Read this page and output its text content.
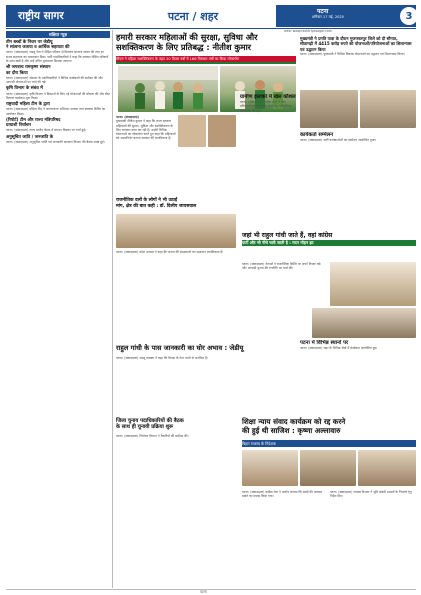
राष्ट्रीय सागर	पटना / शहर	पटना
शनिवार 17 मई, 2025	3
web: www.rashtriyasagar.com
संक्षिप्त न्यूज़

तीन बच्चों के निधन पर जेडीयू

ने सांत्वना जताया व आर्थिक सहायता की

पटना। (संवाददाता) जदयू नेता ने पीड़ित परिवार से मिलकर सांत्वना व्यक्त की तथा हर संभव सहायता का आश्वासन दिया। पार्टी पदाधिकारियों ने कहा कि सरकार पीड़ित परिवारों के साथ खड़ी है और उन्हें उचित मुआवजा दिलाया जाएगा।

श्री जगन्नाथ रामकृष्ण संस्थान

का दौरा किया

पटना। (संवाददाता) संस्थान के पदाधिकारियों ने विभिन्न कार्यक्रमों की समीक्षा की और आगामी योजनाओं पर चर्चा की गई।

कृषि विभाग के संबंध में

पटना। (संवाददाता) कृषि विभाग ने किसानों के लिए नई योजनाओं की घोषणा की और बीज वितरण कार्यक्रम शुरू किया।

राष्ट्रवादी महिला टीम के द्वारा

पटना। (संवाददाता) महिला टीम ने जागरूकता अभियान चलाया तथा स्वास्थ्य शिविर का आयोजन किया।

(रिपोर्ट) टीम और राज्य मंत्रिपरिषद

प्रत्याशी निर्वाचन

पटना। (संवाददाता) राज्य स्तरीय बैठक में संगठन विस्तार पर चर्चा हुई।

अनुसूचित जाति / जनजाति के

पटना। (संवाददाता) अनुसूचित जाति एवं जनजाति कल्याण विभाग की बैठक संपन्न हुई।

हमारी सरकार महिलाओं की सुरक्षा, सुविधा और

सशक्तिकरण के लिए प्रतिबद्ध : नीतीश कुमार

सीएम ने महिला सशक्तिकरण के तहत 20 दिवस वर्षों में 166 विरासत वर्षों का किया लोकार्पण

मुख्यमंत्री ने प्रगति यात्रा के दौरान मुजफ्फरपुर जिले को दी सौगात,

सीतामढ़ी में 4415 करोड़ रुपये की योजनाओं/परियोजनाओं का शिलान्यास एवं उद्घाटन किया

पटना। (संवाददाता) मुख्यमंत्री ने विभिन्न विकास योजनाओं का उद्घाटन एवं शिलान्यास किया।

पटना। (संवाददाता)

मुख्यमंत्री नीतीश कुमार ने कहा कि राज्य सरकार महिलाओं की सुरक्षा, सुविधा और सशक्तिकरण के लिए लगातार काम कर रही है। उन्होंने विभिन्न योजनाओं का लोकार्पण करते हुए कहा कि महिलाओं को आत्मनिर्भर बनाना सरकार की प्राथमिकता है।

ग्रामीण इलाकों में खेल कौशल

पटना। (संवाददाता) ग्रामीण क्षेत्रों में खेल प्रतिभाओं को प्रोत्साहित करने हेतु प्रतियोगिता आयोजित की गई।

कार्यकर्ता सम्मेलन

पटना। (संवाददाता) पार्टी कार्यकर्ताओं का सम्मेलन आयोजित हुआ।

राजनीतिक दलों के लोगों ने भी उठाई

मांग, क्षेत्र की बात कही : डॉ. दिलीप जायसवाल

पटना। (संवाददाता) प्रदेश अध्यक्ष ने कहा कि जनता की समस्याओं का समाधान प्राथमिकता है।

जहां भी राहुल गांधी जाते हैं, वहां कांग्रेस

पार्टी और भी नीचे चली जाती है : मदन मोहन झा

पटना। (संवाददाता) नेताओं ने राजनीतिक स्थिति पर अपने विचार रखे और आगामी चुनाव की रणनीति पर चर्चा की।

राहुल गांधी के पास जानकारी का घोर अभाव : जेडीयू

पटना। (संवाददाता) जदयू प्रवक्ता ने कहा कि विपक्ष के नेता तथ्यों से अनभिज्ञ हैं।

जिला चुनाव पदाधिकारियों की बैठक

के साथ ही चुनावी प्रक्रिया शुरू

पटना। (संवाददाता) निर्वाचन विभाग ने तैयारियों की समीक्षा की।

शिक्षा न्याय संवाद कार्यक्रम को रद्द करने

की हुई थी साजिश : कृष्णा अल्लावारु

बिहार राजस्व के निदेशक

पटना। (संवाददाता) कांग्रेस नेता ने आरोप लगाया कि छात्रों की आवाज दबाने का प्रयास किया गया।

पटना। (संवाददाता) राजस्व विभाग ने भूमि संबंधी मामलों के निपटारे हेतु निर्देश दिए।

पटना में विभिन्न स्थानों पर

पटना। (संवाददाता) शहर के विभिन्न क्षेत्रों में कार्यक्रम आयोजित हुए।

पटना
